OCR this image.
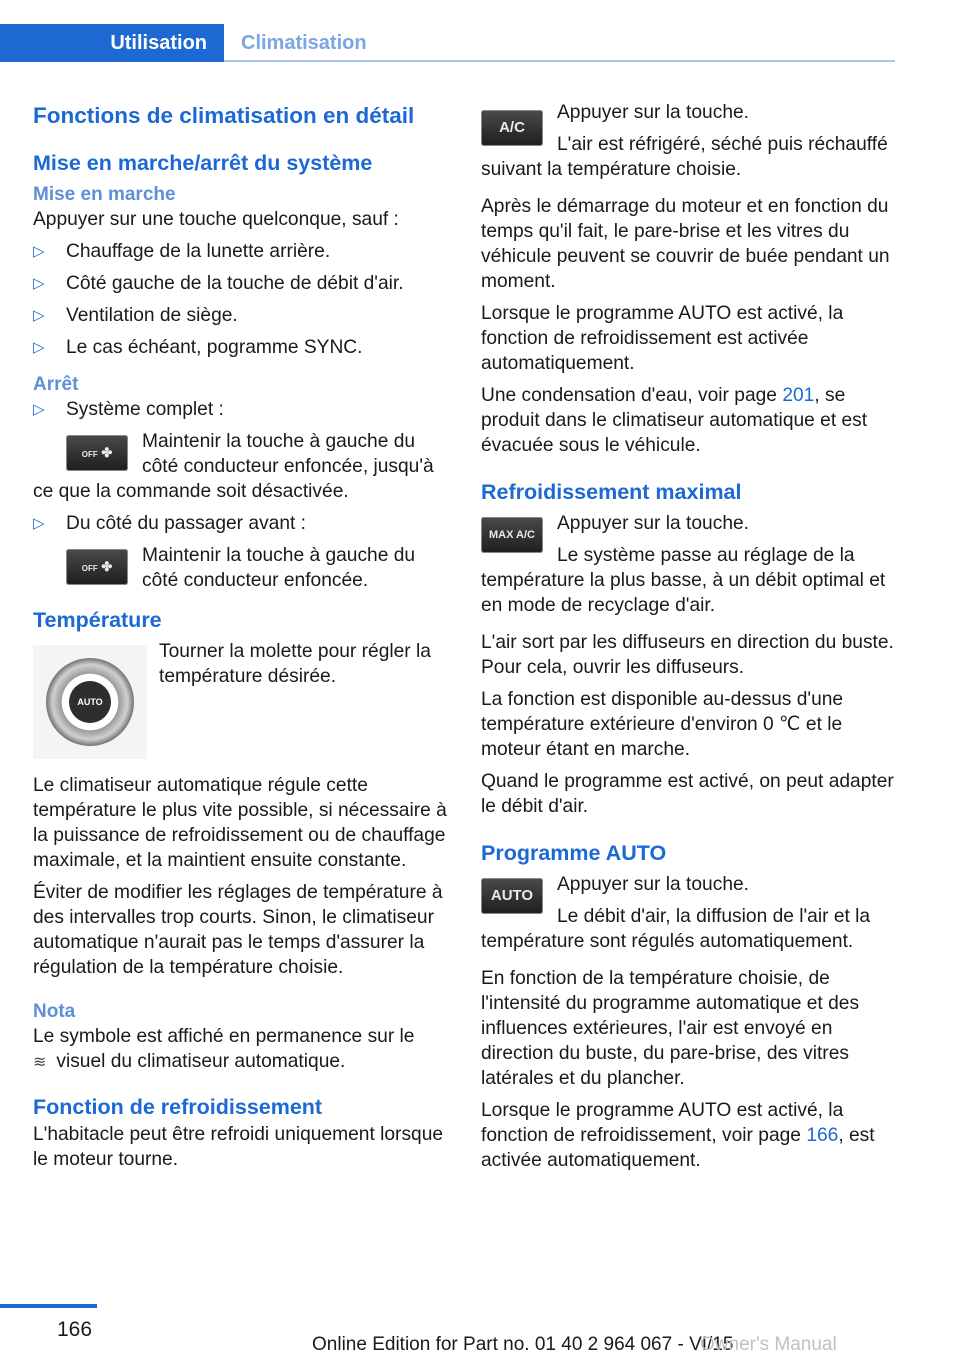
Utilisation	Climatisation
Fonctions de climatisation en détail
Mise en marche/arrêt du système
Mise en marche

Appuyer sur une touche quelconque, sauf :

▷ Chauffage de la lunette arrière.
▷ Côté gauche de la touche de débit d'air.
▷ Ventilation de siège.
▷ Le cas échéant, pogramme SYNC.
Arrêt
▷ Système complet :
OFF ✤
Maintenir la touche à gauche du côté conducteur enfoncée, jusqu'à ce que la commande soit désactivée.
▷ Du côté du passager avant :
OFF ✤
Maintenir la touche à gauche du côté conducteur enfoncée.
Température
AUTO
Tourner la molette pour régler la température désirée.

Le climatiseur automatique régule cette température le plus vite possible, si nécessaire à la puissance de refroidissement ou de chauffage maximale, et la maintient ensuite constante.

Éviter de modifier les réglages de température à des intervalles trop courts. Sinon, le climatiseur automatique n'aurait pas le temps d'assurer la régulation de la température choisie.

Nota

Le symbole est affiché en permanence sur le
≋ visuel du climatiseur automatique.

Fonction de refroidissement

L'habitacle peut être refroidi uniquement lorsque le moteur tourne.

A/C

Appuyer sur la touche.

L'air est réfrigéré, séché puis réchauffé suivant la température choisie.

Après le démarrage du moteur et en fonction du temps qu'il fait, le pare-brise et les vitres du véhicule peuvent se couvrir de buée pendant un moment.

Lorsque le programme AUTO est activé, la fonction de refroidissement est activée automatiquement.

Une condensation d'eau, voir page 201, se produit dans le climatiseur automatique et est évacuée sous le véhicule.

Refroidissement maximal
MAX A/C

Appuyer sur la touche.

Le système passe au réglage de la température la plus basse, à un débit optimal et en mode de recyclage d'air.

L'air sort par les diffuseurs en direction du buste. Pour cela, ouvrir les diffuseurs.

La fonction est disponible au-dessus d'une température extérieure d'environ 0 ℃ et le moteur étant en marche.

Quand le programme est activé, on peut adapter le débit d'air.

Programme AUTO
AUTO

Appuyer sur la touche.

Le débit d'air, la diffusion de l'air et la température sont régulés automatiquement.

En fonction de la température choisie, de l'intensité du programme automatique et des influences extérieures, l'air est envoyé en direction du buste, du pare-brise, des vitres latérales et du plancher.

Lorsque le programme AUTO est activé, la fonction de refroidissement, voir page 166, est activée automatiquement.

166
Online Edition for Part no. 01 40 2 964 067 - VI/15
Owner's Manual
